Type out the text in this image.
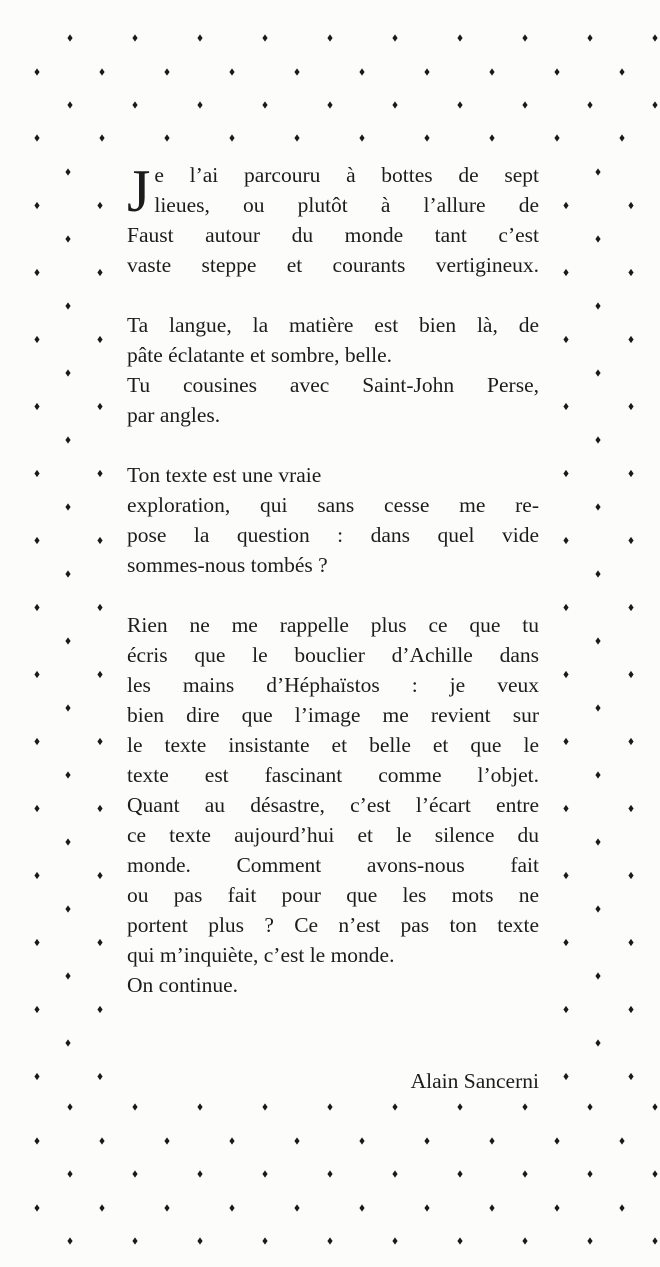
J e l’ai parcouru à bottes de sept
lieues, ou plutôt à l’allure de
Faust autour du monde tant c’est
vaste steppe et courants vertigineux.
Ta langue, la matière est bien là, de
pâte éclatante et sombre, belle.
Tu cousines avec Saint-John Perse,
par angles.
Ton texte est une vraie
exploration, qui sans cesse me re-
pose la question : dans quel vide
sommes-nous tombés ?
Rien ne me rappelle plus ce que tu
écris que le bouclier d’Achille dans
les mains d’Héphaïstos : je veux
bien dire que l’image me revient sur
le texte insistante et belle et que le
texte est fascinant comme l’objet.
Quant au désastre, c’est l’écart entre
ce texte aujourd’hui et le silence du
monde. Comment avons-nous fait
ou pas fait pour que les mots ne
portent plus ? Ce n’est pas ton texte
qui m’inquiète, c’est le monde.
On continue.
Alain Sancerni
